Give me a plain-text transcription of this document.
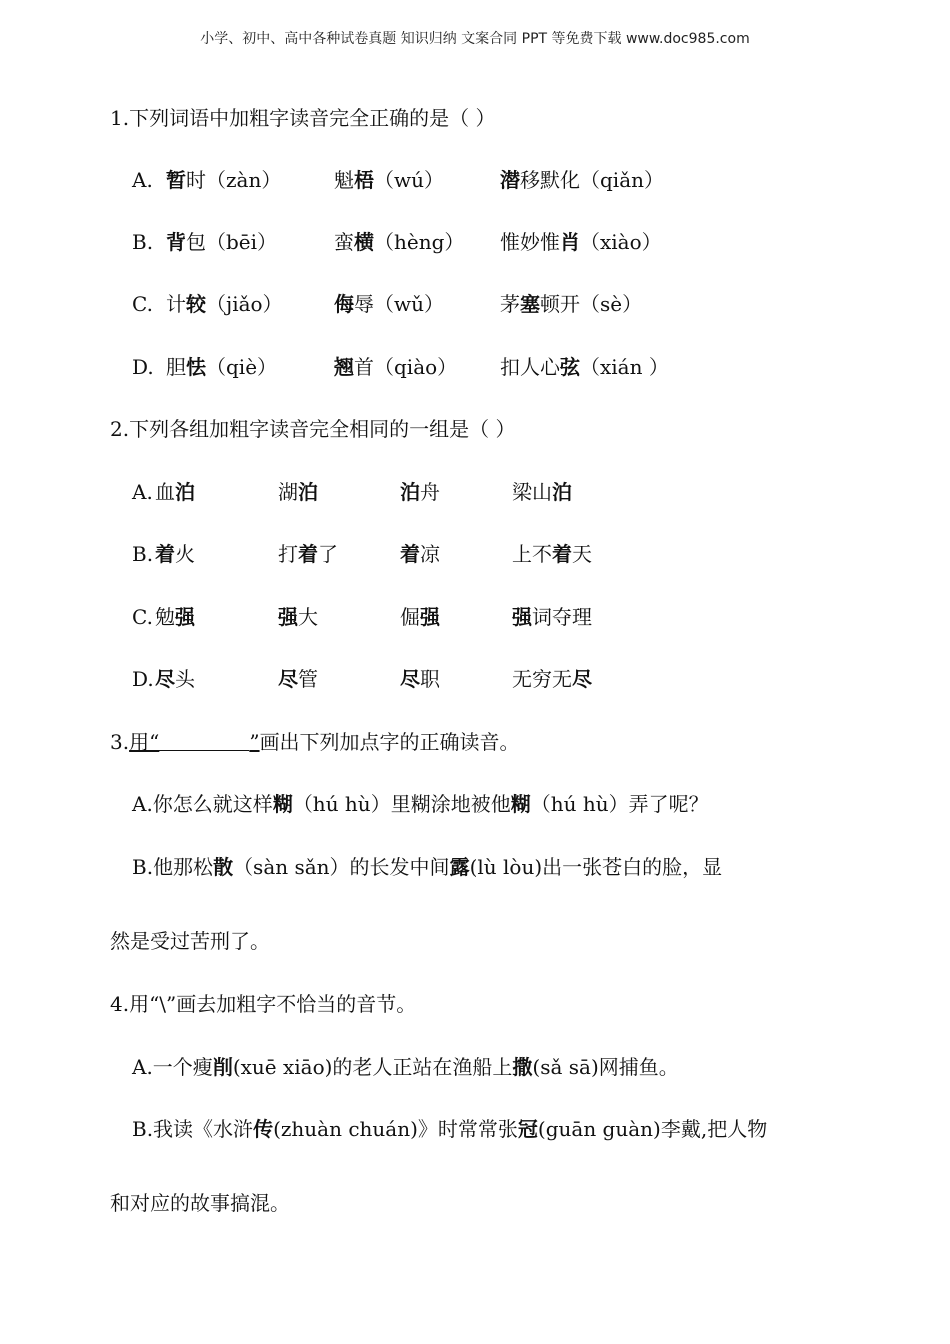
小学、初中、高中各种试卷真题 知识归纳 文案合同 PPT 等免费下载 www.doc985.com
1.下列词语中加粗字读音完全正确的是（ ）
A. 暂时（zàn）	魁梧（wú）	潜移默化（qiǎn）
B. 背包（bēi）	蛮横（hèng） 惟妙惟肖（xiào）
C. 计较（jiǎo）	侮辱（wǔ）	茅塞顿开（sè）
D. 胆怯（qiè）	翘首（qiào） 扣人心弦（xián ）
2.下列各组加粗字读音完全相同的一组是（ ）
A. 血泊	湖泊	泊舟	梁山泊
B. 着火	打着了	着凉	上不着天
C. 勉强	强大	倔强	强词夺理
D. 尽头	尽管	尽职	无穷无尽
3.用“	”画出下列加点字的正确读音。
A.你怎么就这样糊（hú hù）里糊涂地被他糊（hú hù）弄了呢？
B.他那松散（sàn sǎn）的长发中间露(lù lòu)出一张苍白的脸，显
然是受过苦刑了。
4.用“\”画去加粗字不恰当的音节。
A.一个瘦削(xuē xiāo)的老人正站在渔船上撒(sǎ sā)网捕鱼。
B.我读《水浒传(zhuàn chuán)》时常常张冠(guān guàn)李戴,把人物
和对应的故事搞混。
